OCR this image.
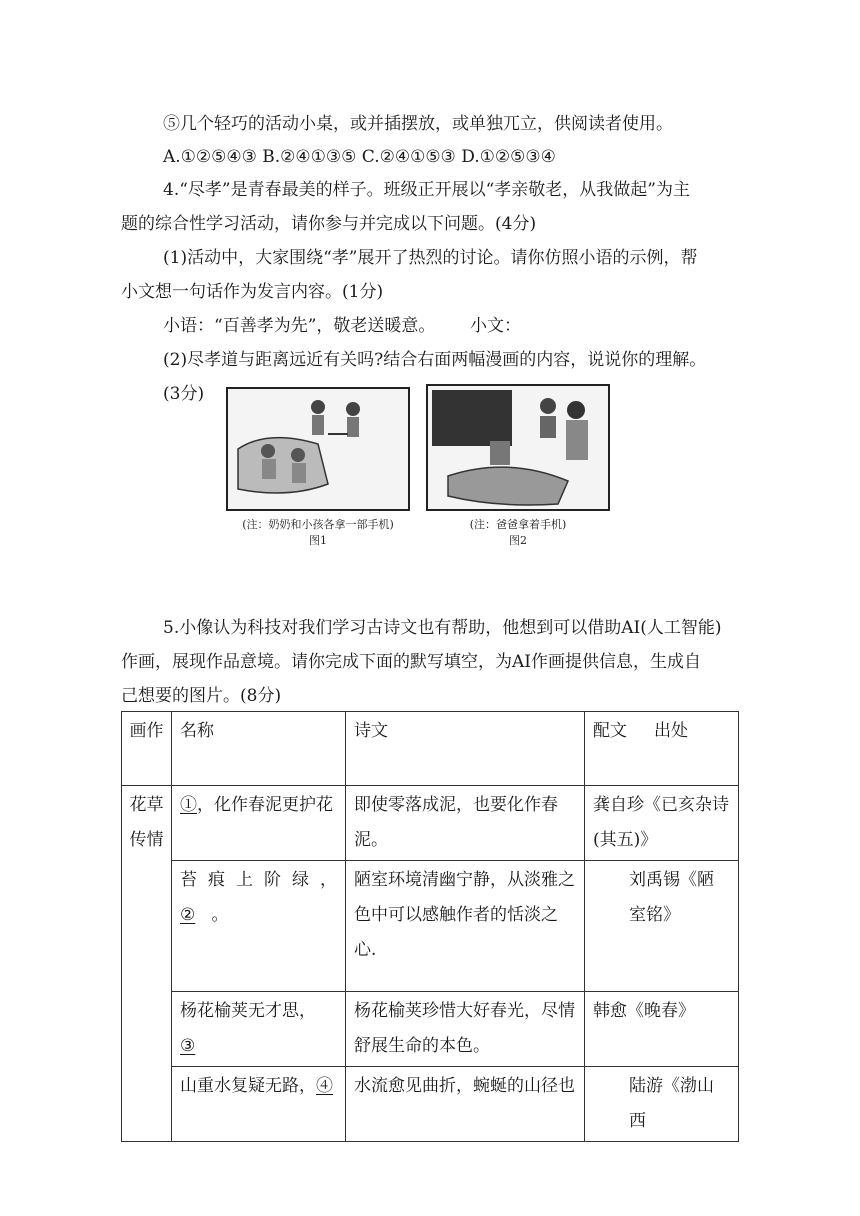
⑤几个轻巧的活动小桌，或并插摆放，或单独兀立，供阅读者使用。
A.①②⑤④③ B.②④①③⑤ C.②④①⑤③ D.①②⑤③④
4.“尽孝”是青春最美的样子。班级正开展以“孝亲敬老，从我做起”为主
题的综合性学习活动，请你参与并完成以下问题。(4分)
(1)活动中，大家围绕“孝”展开了热烈的讨论。请你仿照小语的示例，帮
小文想一句话作为发言内容。(1分)
小语：“百善孝为先”，敬老送暖意。 小文：
(2)尽孝道与距离远近有关吗?结合右面两幅漫画的内容，说说你的理解。
(3分)
(注：奶奶和小孩各拿一部手机)
图1
(注：爸爸拿着手机)
图2
5.小像认为科技对我们学习古诗文也有帮助，他想到可以借助AI(人工智能)
作画，展现作品意境。请你完成下面的默写填空，为AI作画提供信息，生成自
己想要的图片。(8分)
画作	名称	诗文	配文 出处
花草传情	①，化作春泥更护花	即使零落成泥，也要化作春泥。	龚自珍《已亥杂诗(其五)》

	苔痕上阶绿，
② 。	陋室环境清幽宁静，从淡雅之色中可以感触作者的恬淡之心.	刘禹锡《陋室铭》
	杨花榆荚无才思，
③	杨花榆荚珍惜大好春光，尽情舒展生命的本色。	韩愈《晚春》
	山重水复疑无路，④	水流愈见曲折，蜿蜒的山径也	陆游《渤山西
